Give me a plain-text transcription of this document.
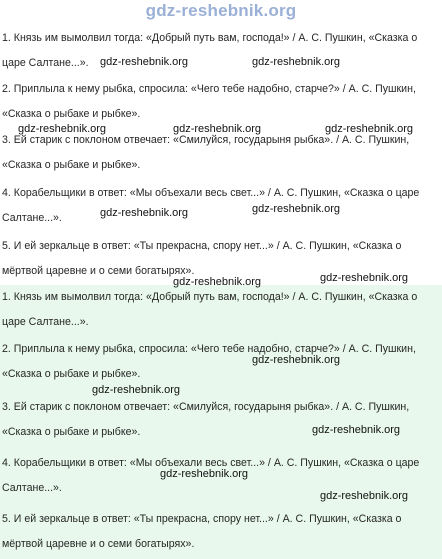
gdz-reshebnik.org
1. Князь им вымолвил тогда: «Добрый путь вам, господа!» / А. С. Пушкин, «Сказка о царе Салтане...».
2. Приплыла к нему рыбка, спросила: «Чего тебе надобно, старче?» / А. С. Пушкин, «Сказка о рыбаке и рыбке».
3. Ей старик с поклоном отвечает: «Смилуйся, государыня рыбка». / А. С. Пушкин, «Сказка о рыбаке и рыбке».
4. Корабельщики в ответ: «Мы объехали весь свет...» / А. С. Пушкин, «Сказка о царе Салтане...».
5. И ей зеркальце в ответ: «Ты прекрасна, спору нет...» / А. С. Пушкин, «Сказка о мёртвой царевне и о семи богатырях».
1. Князь им вымолвил тогда: «Добрый путь вам, господа!» / А. С. Пушкин, «Сказка о царе Салтане...».
2. Приплыла к нему рыбка, спросила: «Чего тебе надобно, старче?» / А. С. Пушкин, «Сказка о рыбаке и рыбке».
3. Ей старик с поклоном отвечает: «Смилуйся, государыня рыбка». / А. С. Пушкин, «Сказка о рыбаке и рыбке».
4. Корабельщики в ответ: «Мы объехали весь свет...» / А. С. Пушкин, «Сказка о царе Салтане...».
5. И ей зеркальце в ответ: «Ты прекрасна, спору нет...» / А. С. Пушкин, «Сказка о мёртвой царевне и о семи богатырях».
gdz-reshebnik.org	gdz-reshebnik.org
gdz-reshebnik.org	gdz-reshebnik.org	gdz-reshebnik.org
gdz-reshebnik.org	gdz-reshebnik.org
gdz-reshebnik.org	gdz-reshebnik.org
gdz-reshebnik.org
gdz-reshebnik.org
gdz-reshebnik.org
gdz-reshebnik.org
gdz-reshebnik.org
